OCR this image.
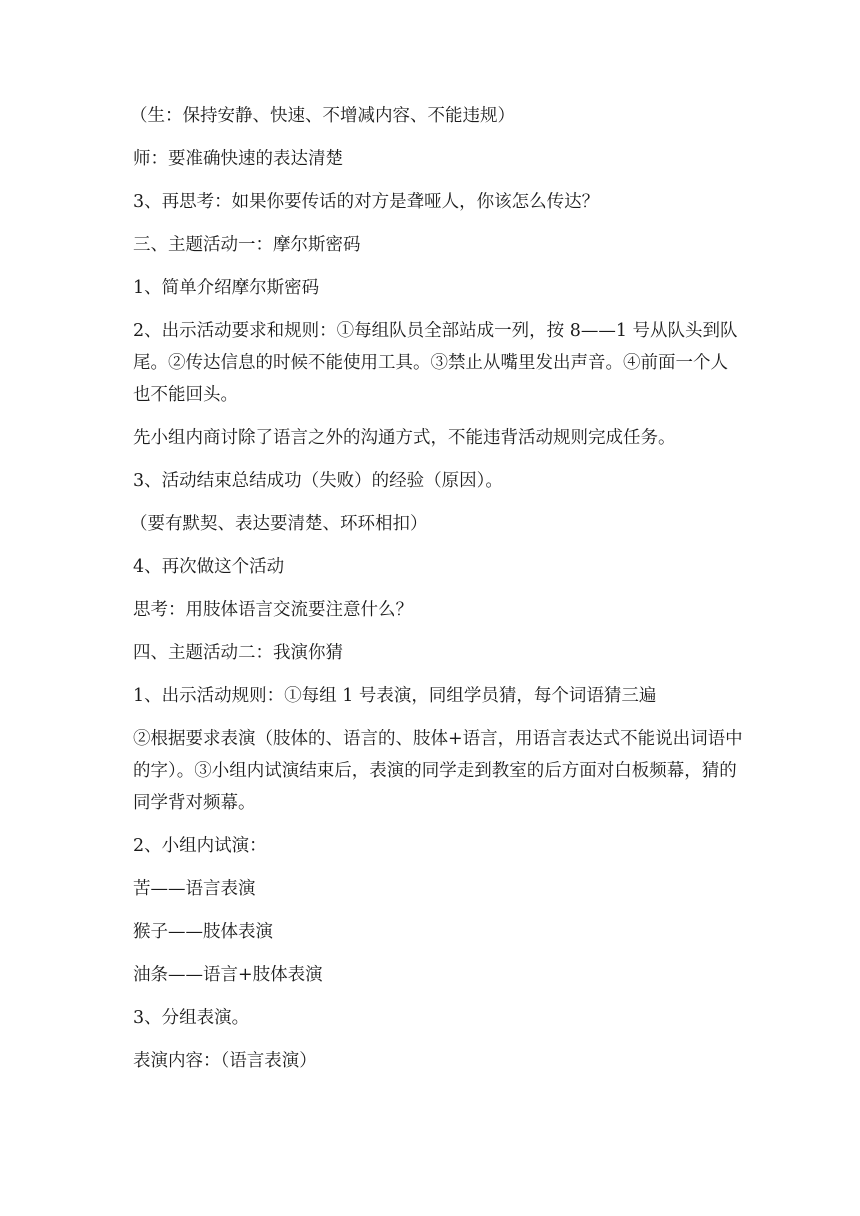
（生：保持安静、快速、不增减内容、不能违规）

师：要准确快速的表达清楚

3、再思考：如果你要传话的对方是聋哑人，你该怎么传达？

三、主题活动一：摩尔斯密码

1、简单介绍摩尔斯密码

2、出示活动要求和规则：①每组队员全部站成一列，按 8——1 号从队头到队尾。②传达信息的时候不能使用工具。③禁止从嘴里发出声音。④前面一个人也不能回头。

先小组内商讨除了语言之外的沟通方式，不能违背活动规则完成任务。

3、活动结束总结成功（失败）的经验（原因）。

（要有默契、表达要清楚、环环相扣）

4、再次做这个活动

思考：用肢体语言交流要注意什么？

四、主题活动二：我演你猜

1、出示活动规则：①每组 1 号表演，同组学员猜，每个词语猜三遍

②根据要求表演（肢体的、语言的、肢体+语言，用语言表达式不能说出词语中的字）。③小组内试演结束后，表演的同学走到教室的后方面对白板频幕，猜的同学背对频幕。

2、小组内试演：

苦——语言表演

猴子——肢体表演

油条——语言+肢体表演

3、分组表演。

表演内容：（语言表演）
